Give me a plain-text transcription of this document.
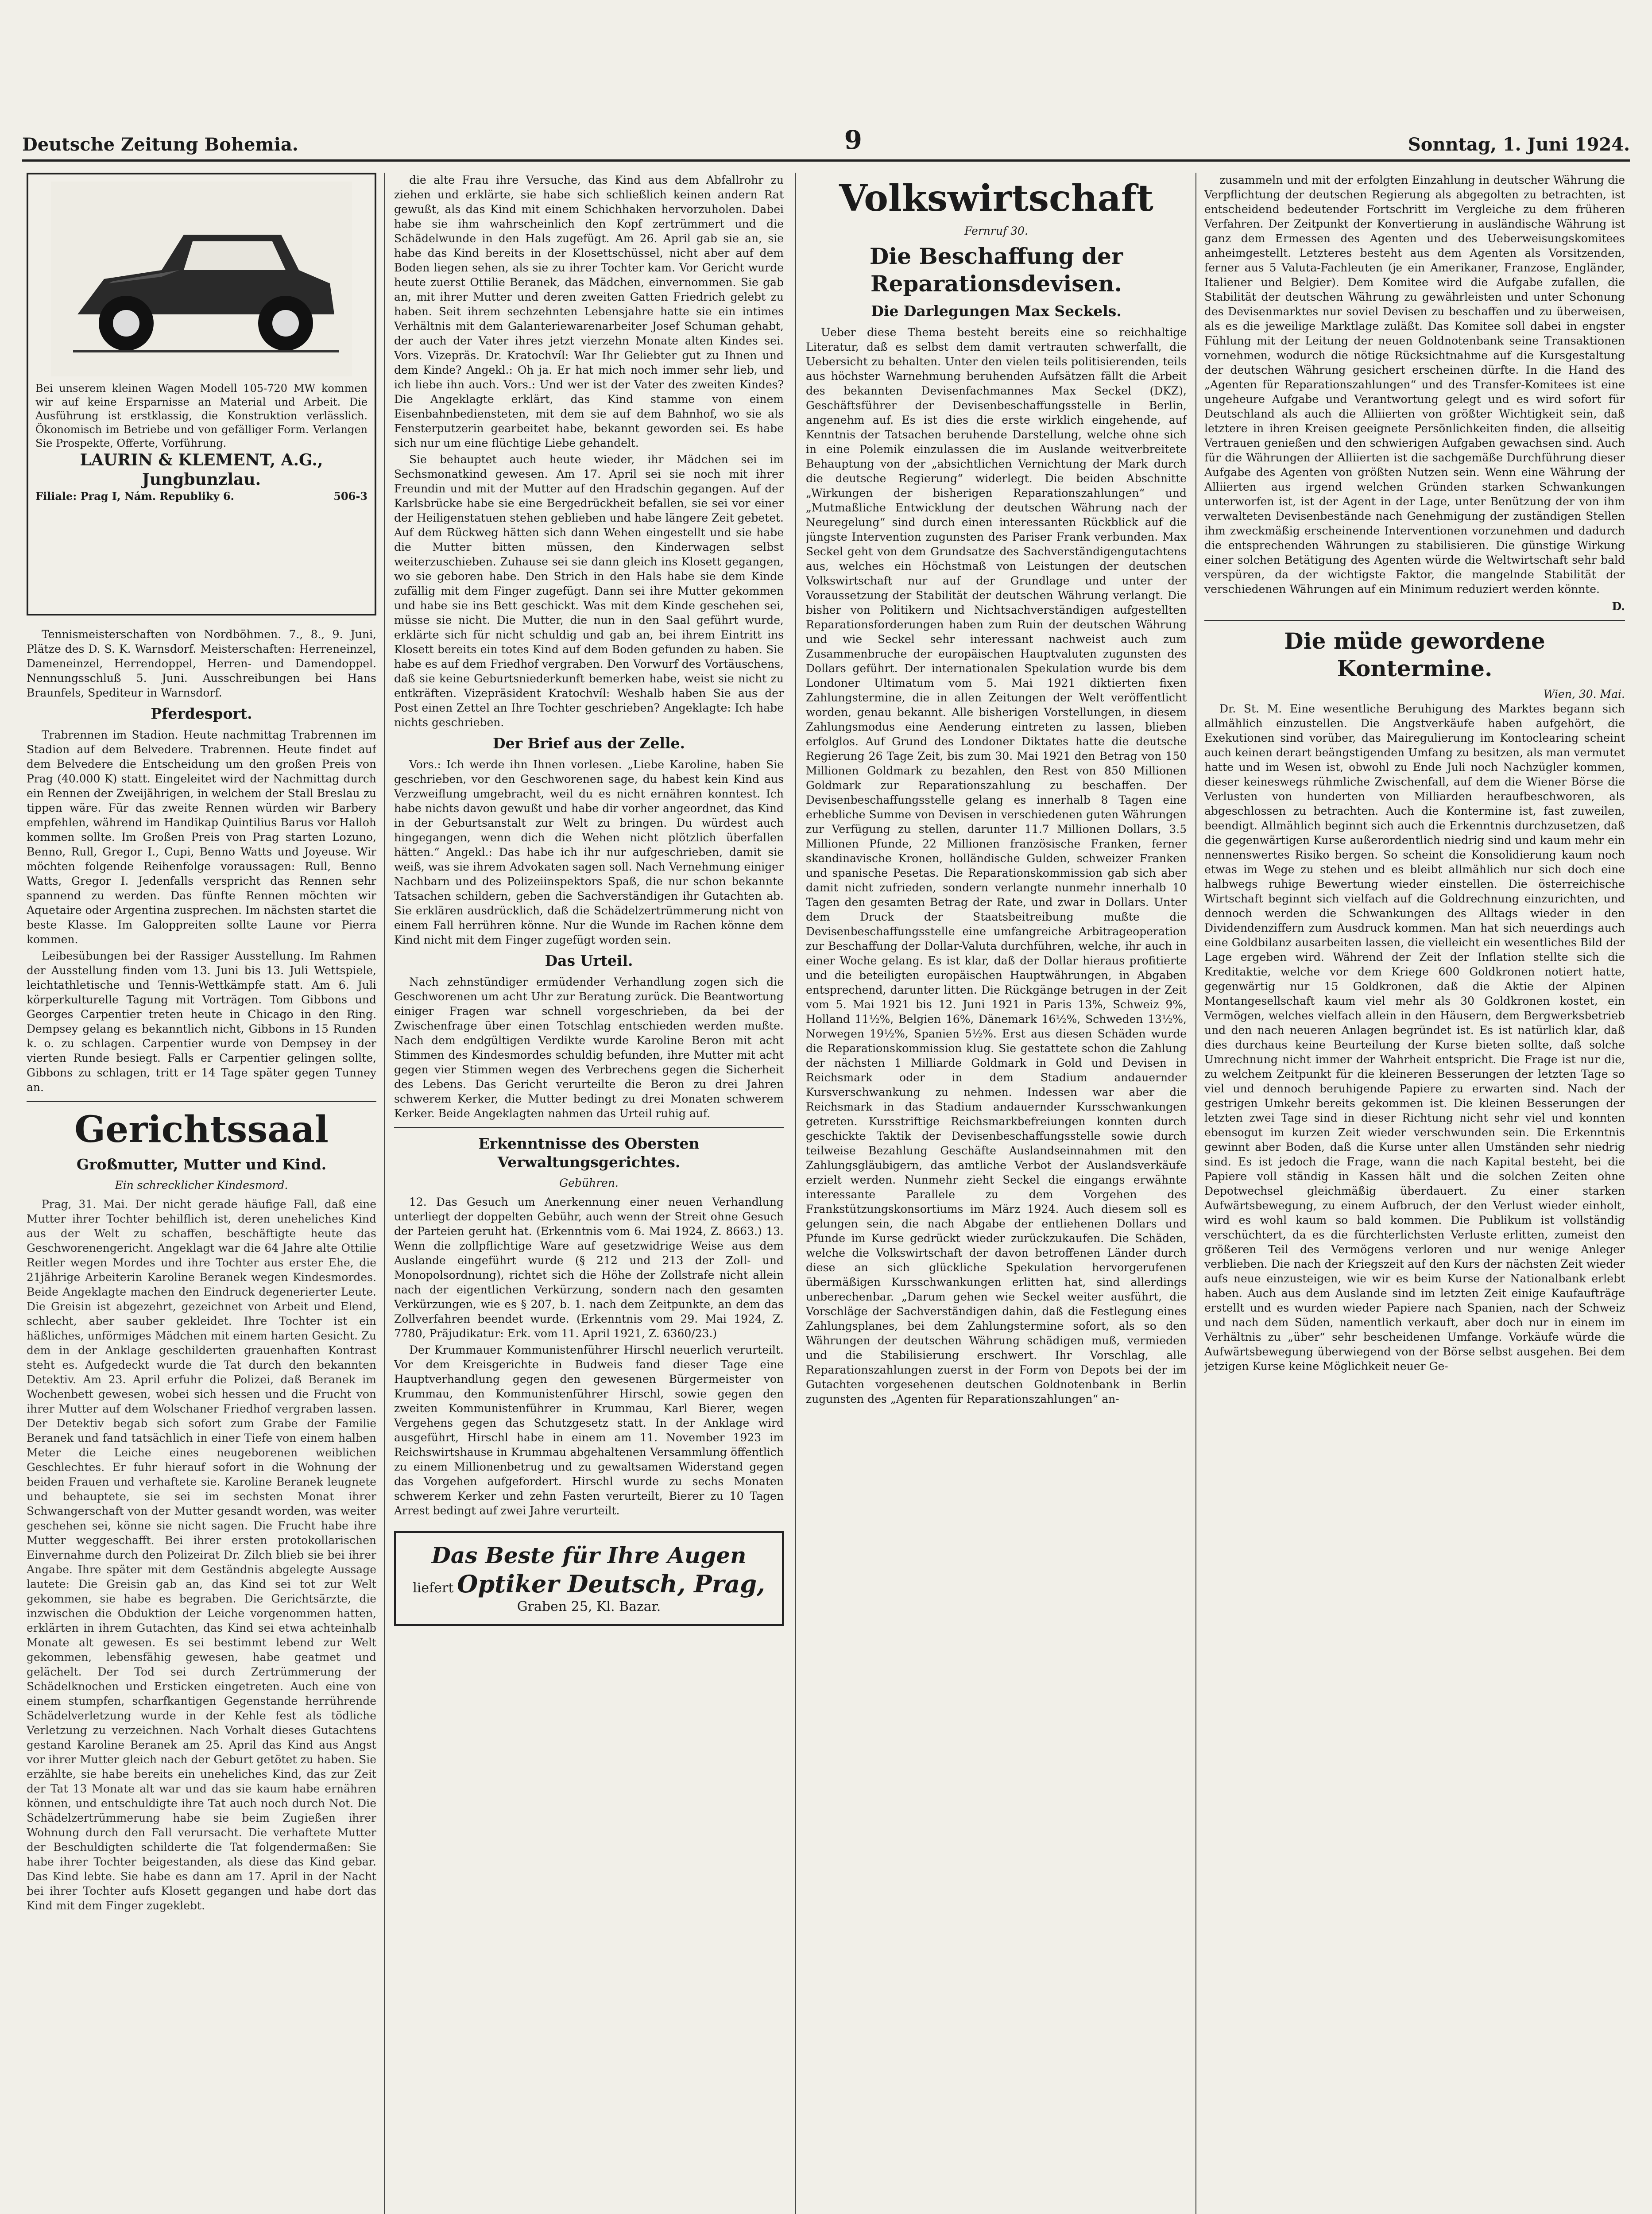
Deutsche Zeitung Bohemia.	9	Sonntag, 1. Juni 1924.
Bei unserem kleinen Wagen Modell 105-720 MW kommen wir auf keine Ersparnisse an Material und Arbeit. Die Ausführung ist erstklassig, die Konstruktion verlässlich. Ökonomisch im Betriebe und von gefälliger Form. Verlangen Sie Prospekte, Offerte, Vorführung.
LAURIN & KLEMENT, A.G., Jungbunzlau.
Filiale: Prag I, Nám. Republiky 6.	506-3

Tennismeisterschaften von Nordböhmen. 7., 8., 9. Juni, Plätze des D. S. K. Warnsdorf. Meisterschaften: Herreneinzel, Dameneinzel, Herrendoppel, Herren- und Damendoppel. Nennungsschluß 5. Juni. Ausschreibungen bei Hans Braunfels, Spediteur in Warnsdorf.

Pferdesport.

Trabrennen im Stadion. Heute nachmittag Trabrennen im Stadion auf dem Belvedere. Trabrennen. Heute findet auf dem Belvedere die Entscheidung um den großen Preis von Prag (40.000 K) statt. Eingeleitet wird der Nachmittag durch ein Rennen der Zweijährigen, in welchem der Stall Breslau zu tippen wäre. Für das zweite Rennen würden wir Barbery empfehlen, während im Handikap Quintilius Barus vor Halloh kommen sollte. Im Großen Preis von Prag starten Lozuno, Benno, Rull, Gregor I., Cupi, Benno Watts und Joyeuse. Wir möchten folgende Reihenfolge voraussagen: Rull, Benno Watts, Gregor I. Jedenfalls verspricht das Rennen sehr spannend zu werden. Das fünfte Rennen möchten wir Aquetaire oder Argentina zusprechen. Im nächsten startet die beste Klasse. Im Galoppreiten sollte Laune vor Pierra kommen.

Leibesübungen bei der Rassiger Ausstellung. Im Rahmen der Ausstellung finden vom 13. Juni bis 13. Juli Wettspiele, leichtathletische und Tennis-Wettkämpfe statt. Am 6. Juli körperkulturelle Tagung mit Vorträgen. Tom Gibbons und Georges Carpentier treten heute in Chicago in den Ring. Dempsey gelang es bekanntlich nicht, Gibbons in 15 Runden k. o. zu schlagen. Carpentier wurde von Dempsey in der vierten Runde besiegt. Falls er Carpentier gelingen sollte, Gibbons zu schlagen, tritt er 14 Tage später gegen Tunney an.

Gerichtssaal
Großmutter, Mutter und Kind.
Ein schrecklicher Kindesmord.

Prag, 31. Mai. Der nicht gerade häufige Fall, daß eine Mutter ihrer Tochter behilflich ist, deren uneheliches Kind aus der Welt zu schaffen, beschäftigte heute das Geschworenengericht. Angeklagt war die 64 Jahre alte Ottilie Reitler wegen Mordes und ihre Tochter aus erster Ehe, die 21jährige Arbeiterin Karoline Beranek wegen Kindesmordes. Beide Angeklagte machen den Eindruck degenerierter Leute. Die Greisin ist abgezehrt, gezeichnet von Arbeit und Elend, schlecht, aber sauber gekleidet. Ihre Tochter ist ein häßliches, unförmiges Mädchen mit einem harten Gesicht. Zu dem in der Anklage geschilderten grauenhaften Kontrast steht es. Aufgedeckt wurde die Tat durch den bekannten Detektiv. Am 23. April erfuhr die Polizei, daß Beranek im Wochenbett gewesen, wobei sich hessen und die Frucht von ihrer Mutter auf dem Wolschaner Friedhof vergraben lassen. Der Detektiv begab sich sofort zum Grabe der Familie Beranek und fand tatsächlich in einer Tiefe von einem halben Meter die Leiche eines neugeborenen weiblichen Geschlechtes. Er fuhr hierauf sofort in die Wohnung der beiden Frauen und verhaftete sie. Karoline Beranek leugnete und behauptete, sie sei im sechsten Monat ihrer Schwangerschaft von der Mutter gesandt worden, was weiter geschehen sei, könne sie nicht sagen. Die Frucht habe ihre Mutter weggeschafft. Bei ihrer ersten protokollarischen Einvernahme durch den Polizeirat Dr. Zilch blieb sie bei ihrer Angabe. Ihre später mit dem Geständnis abgelegte Aussage lautete: Die Greisin gab an, das Kind sei tot zur Welt gekommen, sie habe es begraben. Die Gerichtsärzte, die inzwischen die Obduktion der Leiche vorgenommen hatten, erklärten in ihrem Gutachten, das Kind sei etwa achteinhalb Monate alt gewesen. Es sei bestimmt lebend zur Welt gekommen, lebensfähig gewesen, habe geatmet und gelächelt. Der Tod sei durch Zertrümmerung der Schädelknochen und Ersticken eingetreten. Auch eine von einem stumpfen, scharfkantigen Gegenstande herrührende Schädelverletzung wurde in der Kehle fest als tödliche Verletzung zu verzeichnen. Nach Vorhalt dieses Gutachtens gestand Karoline Beranek am 25. April das Kind aus Angst vor ihrer Mutter gleich nach der Geburt getötet zu haben. Sie erzählte, sie habe bereits ein uneheliches Kind, das zur Zeit der Tat 13 Monate alt war und das sie kaum habe ernähren können, und entschuldigte ihre Tat auch noch durch Not. Die Schädelzertrümmerung habe sie beim Zugießen ihrer Wohnung durch den Fall verursacht. Die verhaftete Mutter der Beschuldigten schilderte die Tat folgendermaßen: Sie habe ihrer Tochter beigestanden, als diese das Kind gebar. Das Kind lebte. Sie habe es dann am 17. April in der Nacht bei ihrer Tochter aufs Klosett gegangen und habe dort das Kind mit dem Finger zugeklebt.

die alte Frau ihre Versuche, das Kind aus dem Abfallrohr zu ziehen und erklärte, sie habe sich schließlich keinen andern Rat gewußt, als das Kind mit einem Schichhaken hervorzuholen. Dabei habe sie ihm wahrscheinlich den Kopf zertrümmert und die Schädelwunde in den Hals zugefügt. Am 26. April gab sie an, sie habe das Kind bereits in der Klosettschüssel, nicht aber auf dem Boden liegen sehen, als sie zu ihrer Tochter kam. Vor Gericht wurde heute zuerst Ottilie Beranek, das Mädchen, einvernommen. Sie gab an, mit ihrer Mutter und deren zweiten Gatten Friedrich gelebt zu haben. Seit ihrem sechzehnten Lebensjahre hatte sie ein intimes Verhältnis mit dem Galanteriewarenarbeiter Josef Schuman gehabt, der auch der Vater ihres jetzt vierzehn Monate alten Kindes sei. Vors. Vizepräs. Dr. Kratochvíl: War Ihr Geliebter gut zu Ihnen und dem Kinde? Angekl.: Oh ja. Er hat mich noch immer sehr lieb, und ich liebe ihn auch. Vors.: Und wer ist der Vater des zweiten Kindes? Die Angeklagte erklärt, das Kind stamme von einem Eisenbahnbediensteten, mit dem sie auf dem Bahnhof, wo sie als Fensterputzerin gearbeitet habe, bekannt geworden sei. Es habe sich nur um eine flüchtige Liebe gehandelt.

Sie behauptet auch heute wieder, ihr Mädchen sei im Sechsmonatkind gewesen. Am 17. April sei sie noch mit ihrer Freundin und mit der Mutter auf den Hradschin gegangen. Auf der Karlsbrücke habe sie eine Bergedrückheit befallen, sie sei vor einer der Heiligenstatuen stehen geblieben und habe längere Zeit gebetet. Auf dem Rückweg hätten sich dann Wehen eingestellt und sie habe die Mutter bitten müssen, den Kinderwagen selbst weiterzuschieben. Zuhause sei sie dann gleich ins Klosett gegangen, wo sie geboren habe. Den Strich in den Hals habe sie dem Kinde zufällig mit dem Finger zugefügt. Dann sei ihre Mutter gekommen und habe sie ins Bett geschickt. Was mit dem Kinde geschehen sei, müsse sie nicht. Die Mutter, die nun in den Saal geführt wurde, erklärte sich für nicht schuldig und gab an, bei ihrem Eintritt ins Klosett bereits ein totes Kind auf dem Boden gefunden zu haben. Sie habe es auf dem Friedhof vergraben. Den Vorwurf des Vortäuschens, daß sie keine Geburtsniederkunft bemerken habe, weist sie nicht zu entkräften. Vizepräsident Kratochvíl: Weshalb haben Sie aus der Post einen Zettel an Ihre Tochter geschrieben? Angeklagte: Ich habe nichts geschrieben.

Der Brief aus der Zelle.

Vors.: Ich werde ihn Ihnen vorlesen. „Liebe Karoline, haben Sie geschrieben, vor den Geschworenen sage, du habest kein Kind aus Verzweiflung umgebracht, weil du es nicht ernähren konntest. Ich habe nichts davon gewußt und habe dir vorher angeordnet, das Kind in der Geburtsanstalt zur Welt zu bringen. Du würdest auch hingegangen, wenn dich die Wehen nicht plötzlich überfallen hätten.“ Angekl.: Das habe ich ihr nur aufgeschrieben, damit sie weiß, was sie ihrem Advokaten sagen soll. Nach Vernehmung einiger Nachbarn und des Polizeiinspektors Spaß, die nur schon bekannte Tatsachen schildern, geben die Sachverständigen ihr Gutachten ab. Sie erklären ausdrücklich, daß die Schädelzertrümmerung nicht von einem Fall herrühren könne. Nur die Wunde im Rachen könne dem Kind nicht mit dem Finger zugefügt worden sein.

Das Urteil.

Nach zehnstündiger ermüdender Verhandlung zogen sich die Geschworenen um acht Uhr zur Beratung zurück. Die Beantwortung einiger Fragen war schnell vorgeschrieben, da bei der Zwischenfrage über einen Totschlag entschieden werden mußte. Nach dem endgültigen Verdikte wurde Karoline Beron mit acht Stimmen des Kindesmordes schuldig befunden, ihre Mutter mit acht gegen vier Stimmen wegen des Verbrechens gegen die Sicherheit des Lebens. Das Gericht verurteilte die Beron zu drei Jahren schwerem Kerker, die Mutter bedingt zu drei Monaten schwerem Kerker. Beide Angeklagten nahmen das Urteil ruhig auf.

Erkenntnisse des Obersten Verwaltungsgerichtes.
Gebühren.

12. Das Gesuch um Anerkennung einer neuen Verhandlung unterliegt der doppelten Gebühr, auch wenn der Streit ohne Gesuch der Parteien geruht hat. (Erkenntnis vom 6. Mai 1924, Z. 8663.) 13. Wenn die zollpflichtige Ware auf gesetzwidrige Weise aus dem Auslande eingeführt wurde (§ 212 und 213 der Zoll- und Monopolsordnung), richtet sich die Höhe der Zollstrafe nicht allein nach der eigentlichen Verkürzung, sondern nach den gesamten Verkürzungen, wie es § 207, b. 1. nach dem Zeitpunkte, an dem das Zollverfahren beendet wurde. (Erkenntnis vom 29. Mai 1924, Z. 7780, Präjudikatur: Erk. vom 11. April 1921, Z. 6360/23.)

Der Krummauer Kommunistenführer Hirschl neuerlich verurteilt. Vor dem Kreisgerichte in Budweis fand dieser Tage eine Hauptverhandlung gegen den gewesenen Bürgermeister von Krummau, den Kommunistenführer Hirschl, sowie gegen den zweiten Kommunistenführer in Krummau, Karl Bierer, wegen Vergehens gegen das Schutzgesetz statt. In der Anklage wird ausgeführt, Hirschl habe in einem am 11. November 1923 im Reichswirtshause in Krummau abgehaltenen Versammlung öffentlich zu einem Millionenbetrug und zu gewaltsamen Widerstand gegen das Vorgehen aufgefordert. Hirschl wurde zu sechs Monaten schwerem Kerker und zehn Fasten verurteilt, Bierer zu 10 Tagen Arrest bedingt auf zwei Jahre verurteilt.

Das Beste für Ihre Augen
liefert Optiker Deutsch, Prag,
Graben 25, Kl. Bazar.
Volkswirtschaft
Fernruf 30.
Die Beschaffung der Reparationsdevisen.
Die Darlegungen Max Seckels.

Ueber diese Thema besteht bereits eine so reichhaltige Literatur, daß es selbst dem damit vertrauten schwerfallt, die Uebersicht zu behalten. Unter den vielen teils politisierenden, teils aus höchster Warnehmung beruhenden Aufsätzen fällt die Arbeit des bekannten Devisenfachmannes Max Seckel (DKZ), Geschäftsführer der Devisenbeschaffungsstelle in Berlin, angenehm auf. Es ist dies die erste wirklich eingehende, auf Kenntnis der Tatsachen beruhende Darstellung, welche ohne sich in eine Polemik einzulassen die im Auslande weitverbreitete Behauptung von der „absichtlichen Vernichtung der Mark durch die deutsche Regierung“ widerlegt. Die beiden Abschnitte „Wirkungen der bisherigen Reparationszahlungen“ und „Mutmaßliche Entwicklung der deutschen Währung nach der Neuregelung“ sind durch einen interessanten Rückblick auf die jüngste Intervention zugunsten des Pariser Frank verbunden. Max Seckel geht von dem Grundsatze des Sachverständigengutachtens aus, welches ein Höchstmaß von Leistungen der deutschen Volkswirtschaft nur auf der Grundlage und unter der Voraussetzung der Stabilität der deutschen Währung verlangt. Die bisher von Politikern und Nichtsachverständigen aufgestellten Reparationsforderungen haben zum Ruin der deutschen Währung und wie Seckel sehr interessant nachweist auch zum Zusammenbruche der europäischen Hauptvaluten zugunsten des Dollars geführt. Der internationalen Spekulation wurde bis dem Londoner Ultimatum vom 5. Mai 1921 diktierten fixen Zahlungstermine, die in allen Zeitungen der Welt veröffentlicht worden, genau bekannt. Alle bisherigen Vorstellungen, in diesem Zahlungsmodus eine Aenderung eintreten zu lassen, blieben erfolglos. Auf Grund des Londoner Diktates hatte die deutsche Regierung 26 Tage Zeit, bis zum 30. Mai 1921 den Betrag von 150 Millionen Goldmark zu bezahlen, den Rest von 850 Millionen Goldmark zur Reparationszahlung zu beschaffen. Der Devisenbeschaffungsstelle gelang es innerhalb 8 Tagen eine erhebliche Summe von Devisen in verschiedenen guten Währungen zur Verfügung zu stellen, darunter 11.7 Millionen Dollars, 3.5 Millionen Pfunde, 22 Millionen französische Franken, ferner skandinavische Kronen, holländische Gulden, schweizer Franken und spanische Pesetas. Die Reparationskommission gab sich aber damit nicht zufrieden, sondern verlangte nunmehr innerhalb 10 Tagen den gesamten Betrag der Rate, und zwar in Dollars. Unter dem Druck der Staatsbeitreibung mußte die Devisenbeschaffungsstelle eine umfangreiche Arbitrageoperation zur Beschaffung der Dollar-Valuta durchführen, welche, ihr auch in einer Woche gelang. Es ist klar, daß der Dollar hieraus profitierte und die beteiligten europäischen Hauptwährungen, in Abgaben entsprechend, darunter litten. Die Rückgänge betrugen in der Zeit vom 5. Mai 1921 bis 12. Juni 1921 in Paris 13%, Schweiz 9%, Holland 11½%, Belgien 16%, Dänemark 16½%, Schweden 13½%, Norwegen 19½%, Spanien 5½%. Erst aus diesen Schäden wurde die Reparationskommission klug. Sie gestattete schon die Zahlung der nächsten 1 Milliarde Goldmark in Gold und Devisen in Reichsmark oder in dem Stadium andauernder Kursverschwankung zu nehmen. Indessen war aber die Reichsmark in das Stadium andauernder Kursschwankungen getreten. Kursstriftige Reichsmarkbefreiungen konnten durch geschickte Taktik der Devisenbeschaffungsstelle sowie durch teilweise Bezahlung Geschäfte Auslandseinnahmen mit den Zahlungsgläubigern, das amtliche Verbot der Auslandsverkäufe erzielt werden. Nunmehr zieht Seckel die eingangs erwähnte interessante Parallele zu dem Vorgehen des Frankstützungskonsortiums im März 1924. Auch diesem soll es gelungen sein, die nach Abgabe der entliehenen Dollars und Pfunde im Kurse gedrückt wieder zurückzukaufen. Die Schäden, welche die Volkswirtschaft der davon betroffenen Länder durch diese an sich glückliche Spekulation hervorgerufenen übermäßigen Kursschwankungen erlitten hat, sind allerdings unberechenbar. „Darum gehen wie Seckel weiter ausführt, die Vorschläge der Sachverständigen dahin, daß die Festlegung eines Zahlungsplanes, bei dem Zahlungstermine sofort, als so den Währungen der deutschen Währung schädigen muß, vermieden und die Stabilisierung erschwert. Ihr Vorschlag, alle Reparationszahlungen zuerst in der Form von Depots bei der im Gutachten vorgesehenen deutschen Goldnotenbank in Berlin zugunsten des „Agenten für Reparationszahlungen“ an-

zusammeln und mit der erfolgten Einzahlung in deutscher Währung die Verpflichtung der deutschen Regierung als abgegolten zu betrachten, ist entscheidend bedeutender Fortschritt im Vergleiche zu dem früheren Verfahren. Der Zeitpunkt der Konvertierung in ausländische Währung ist ganz dem Ermessen des Agenten und des Ueberweisungskomitees anheimgestellt. Letzteres besteht aus dem Agenten als Vorsitzenden, ferner aus 5 Valuta-Fachleuten (je ein Amerikaner, Franzose, Engländer, Italiener und Belgier). Dem Komitee wird die Aufgabe zufallen, die Stabilität der deutschen Währung zu gewährleisten und unter Schonung des Devisenmarktes nur soviel Devisen zu beschaffen und zu überweisen, als es die jeweilige Marktlage zuläßt. Das Komitee soll dabei in engster Fühlung mit der Leitung der neuen Goldnotenbank seine Transaktionen vornehmen, wodurch die nötige Rücksichtnahme auf die Kursgestaltung der deutschen Währung gesichert erscheinen dürfte. In die Hand des „Agenten für Reparationszahlungen“ und des Transfer-Komitees ist eine ungeheure Aufgabe und Verantwortung gelegt und es wird sofort für Deutschland als auch die Alliierten von größter Wichtigkeit sein, daß letztere in ihren Kreisen geeignete Persönlichkeiten finden, die allseitig Vertrauen genießen und den schwierigen Aufgaben gewachsen sind. Auch für die Währungen der Alliierten ist die sachgemäße Durchführung dieser Aufgabe des Agenten von größten Nutzen sein. Wenn eine Währung der Alliierten aus irgend welchen Gründen starken Schwankungen unterworfen ist, ist der Agent in der Lage, unter Benützung der von ihm verwalteten Devisenbestände nach Genehmigung der zuständigen Stellen ihm zweckmäßig erscheinende Interventionen vorzunehmen und dadurch die entsprechenden Währungen zu stabilisieren. Die günstige Wirkung einer solchen Betätigung des Agenten würde die Weltwirtschaft sehr bald verspüren, da der wichtigste Faktor, die mangelnde Stabilität der verschiedenen Währungen auf ein Minimum reduziert werden könnte.

D.
Die müde gewordene Kontermine.
Wien, 30. Mai.

Dr. St. M. Eine wesentliche Beruhigung des Marktes begann sich allmählich einzustellen. Die Angstverkäufe haben aufgehört, die Exekutionen sind vorüber, das Mairegulierung im Kontoclearing scheint auch keinen derart beängstigenden Umfang zu besitzen, als man vermutet hatte und im Wesen ist, obwohl zu Ende Juli noch Nachzügler kommen, dieser keineswegs rühmliche Zwischenfall, auf dem die Wiener Börse die Verlusten von hunderten von Milliarden heraufbeschworen, als abgeschlossen zu betrachten. Auch die Kontermine ist, fast zuweilen, beendigt. Allmählich beginnt sich auch die Erkenntnis durchzusetzen, daß die gegenwärtigen Kurse außerordentlich niedrig sind und kaum mehr ein nennenswertes Risiko bergen. So scheint die Konsolidierung kaum noch etwas im Wege zu stehen und es bleibt allmählich nur sich doch eine halbwegs ruhige Bewertung wieder einstellen. Die österreichische Wirtschaft beginnt sich vielfach auf die Goldrechnung einzurichten, und dennoch werden die Schwankungen des Alltags wieder in den Dividendenziffern zum Ausdruck kommen. Man hat sich neuerdings auch eine Goldbilanz ausarbeiten lassen, die vielleicht ein wesentliches Bild der Lage ergeben wird. Während der Zeit der Inflation stellte sich die Kreditaktie, welche vor dem Kriege 600 Goldkronen notiert hatte, gegenwärtig nur 15 Goldkronen, daß die Aktie der Alpinen Montangesellschaft kaum viel mehr als 30 Goldkronen kostet, ein Vermögen, welches vielfach allein in den Häusern, dem Bergwerksbetrieb und den nach neueren Anlagen begründet ist. Es ist natürlich klar, daß dies durchaus keine Beurteilung der Kurse bieten sollte, daß solche Umrechnung nicht immer der Wahrheit entspricht. Die Frage ist nur die, zu welchem Zeitpunkt für die kleineren Besserungen der letzten Tage so viel und dennoch beruhigende Papiere zu erwarten sind. Nach der gestrigen Umkehr bereits gekommen ist. Die kleinen Besserungen der letzten zwei Tage sind in dieser Richtung nicht sehr viel und konnten ebensogut im kurzen Zeit wieder verschwunden sein. Die Erkenntnis gewinnt aber Boden, daß die Kurse unter allen Umständen sehr niedrig sind. Es ist jedoch die Frage, wann die nach Kapital besteht, bei die Papiere voll ständig in Kassen hält und die solchen Zeiten ohne Depotwechsel gleichmäßig überdauert. Zu einer starken Aufwärtsbewegung, zu einem Aufbruch, der den Verlust wieder einholt, wird es wohl kaum so bald kommen. Die Publikum ist vollständig verschüchtert, da es die fürchterlichsten Verluste erlitten, zumeist den größeren Teil des Vermögens verloren und nur wenige Anleger verblieben. Die nach der Kriegszeit auf den Kurs der nächsten Zeit wieder aufs neue einzusteigen, wie wir es beim Kurse der Nationalbank erlebt haben. Auch aus dem Auslande sind im letzten Zeit einige Kaufaufträge erstellt und es wurden wieder Papiere nach Spanien, nach der Schweiz und nach dem Süden, namentlich verkauft, aber doch nur in einem im Verhältnis zu „über“ sehr bescheidenen Umfange. Vorkäufe würde die Aufwärtsbewegung überwiegend von der Börse selbst ausgehen. Bei dem jetzigen Kurse keine Möglichkeit neuer Ge-
